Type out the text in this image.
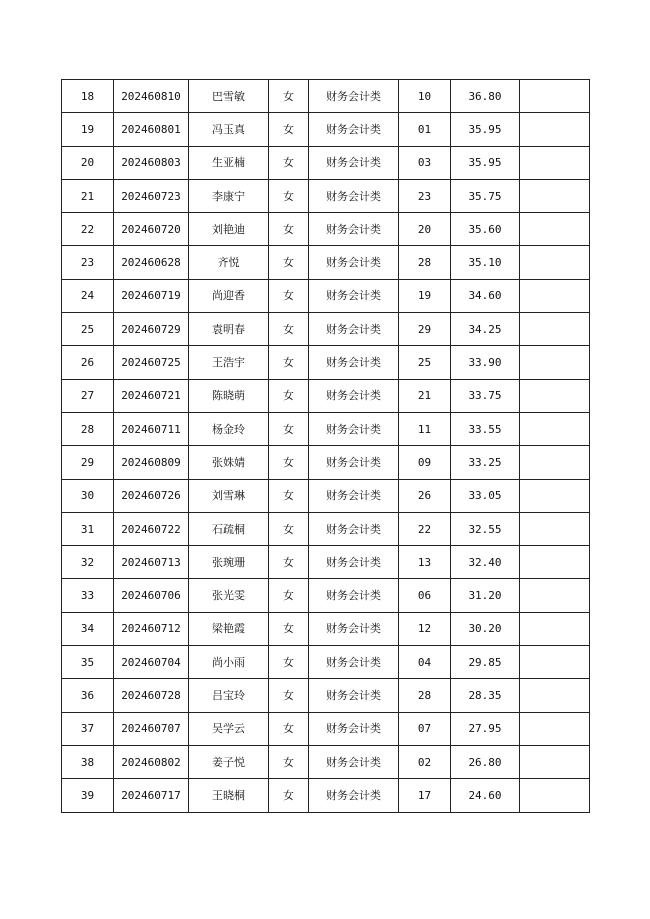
18	202460810	巴雪敏	女	财务会计类	10	36.80	
19	202460801	冯玉真	女	财务会计类	01	35.95	
20	202460803	生亚楠	女	财务会计类	03	35.95	
21	202460723	李康宁	女	财务会计类	23	35.75	
22	202460720	刘艳迪	女	财务会计类	20	35.60	
23	202460628	齐悦	女	财务会计类	28	35.10	
24	202460719	尚迎香	女	财务会计类	19	34.60	
25	202460729	袁明春	女	财务会计类	29	34.25	
26	202460725	王浩宇	女	财务会计类	25	33.90	
27	202460721	陈晓萌	女	财务会计类	21	33.75	
28	202460711	杨金玲	女	财务会计类	11	33.55	
29	202460809	张姝婧	女	财务会计类	09	33.25	
30	202460726	刘雪琳	女	财务会计类	26	33.05	
31	202460722	石疏桐	女	财务会计类	22	32.55	
32	202460713	张琬珊	女	财务会计类	13	32.40	
33	202460706	张光雯	女	财务会计类	06	31.20	
34	202460712	梁艳霞	女	财务会计类	12	30.20	
35	202460704	尚小雨	女	财务会计类	04	29.85	
36	202460728	吕宝玲	女	财务会计类	28	28.35	
37	202460707	吴学云	女	财务会计类	07	27.95	
38	202460802	姜子悦	女	财务会计类	02	26.80	
39	202460717	王晓桐	女	财务会计类	17	24.60	
